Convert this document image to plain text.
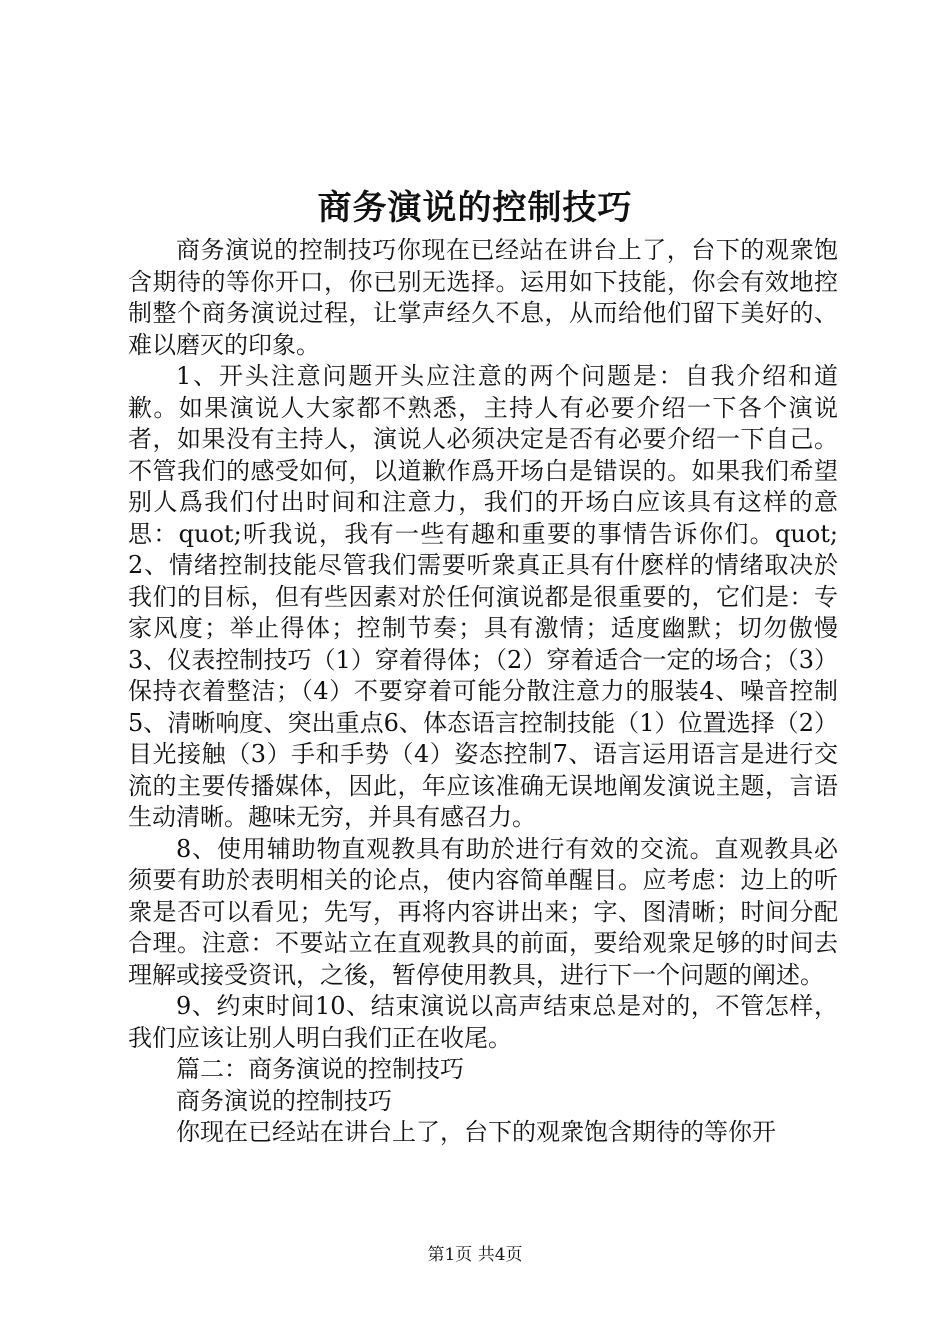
商务演说的控制技巧

商务演说的控制技巧你现在已经站在讲台上了，台下的观衆饱含期待的等你开口，你已别无选择。运用如下技能，你会有效地控制整个商务演说过程，让掌声经久不息，从而给他们留下美好的、难以磨灭的印象。

1、开头注意问题开头应注意的两个问题是：自我介绍和道歉。如果演说人大家都不熟悉，主持人有必要介绍一下各个演说者，如果没有主持人，演说人必须决定是否有必要介绍一下自己。不管我们的感受如何，以道歉作爲开场白是错误的。如果我们希望别人爲我们付出时间和注意力，我们的开场白应该具有这样的意思：quot;听我说，我有一些有趣和重要的事情告诉你们。quot;2、情绪控制技能尽管我们需要听衆真正具有什麽样的情绪取决於我们的目标，但有些因素对於任何演说都是很重要的，它们是：专家风度；举止得体；控制节奏；具有激情；适度幽默；切勿傲慢3、仪表控制技巧（1）穿着得体；（2）穿着适合一定的场合；（3）保持衣着整洁；（4）不要穿着可能分散注意力的服装4、噪音控制5、清晰响度、突出重点6、体态语言控制技能（1）位置选择（2）目光接触（3）手和手势（4）姿态控制7、语言运用语言是进行交流的主要传播媒体，因此，年应该准确无误地阐发演说主题，言语生动清晰。趣味无穷，并具有感召力。

8、使用辅助物直观教具有助於进行有效的交流。直观教具必须要有助於表明相关的论点，使内容简单醒目。应考虑：边上的听衆是否可以看见；先写，再将内容讲出来；字、图清晰；时间分配合理。注意：不要站立在直观教具的前面，要给观衆足够的时间去理解或接受资讯，之後，暂停使用教具，进行下一个问题的阐述。

9、约束时间10、结束演说以高声结束总是对的，不管怎样，我们应该让别人明白我们正在收尾。

篇二：商务演说的控制技巧

商务演说的控制技巧

你现在已经站在讲台上了，台下的观衆饱含期待的等你开

第1页 共4页
